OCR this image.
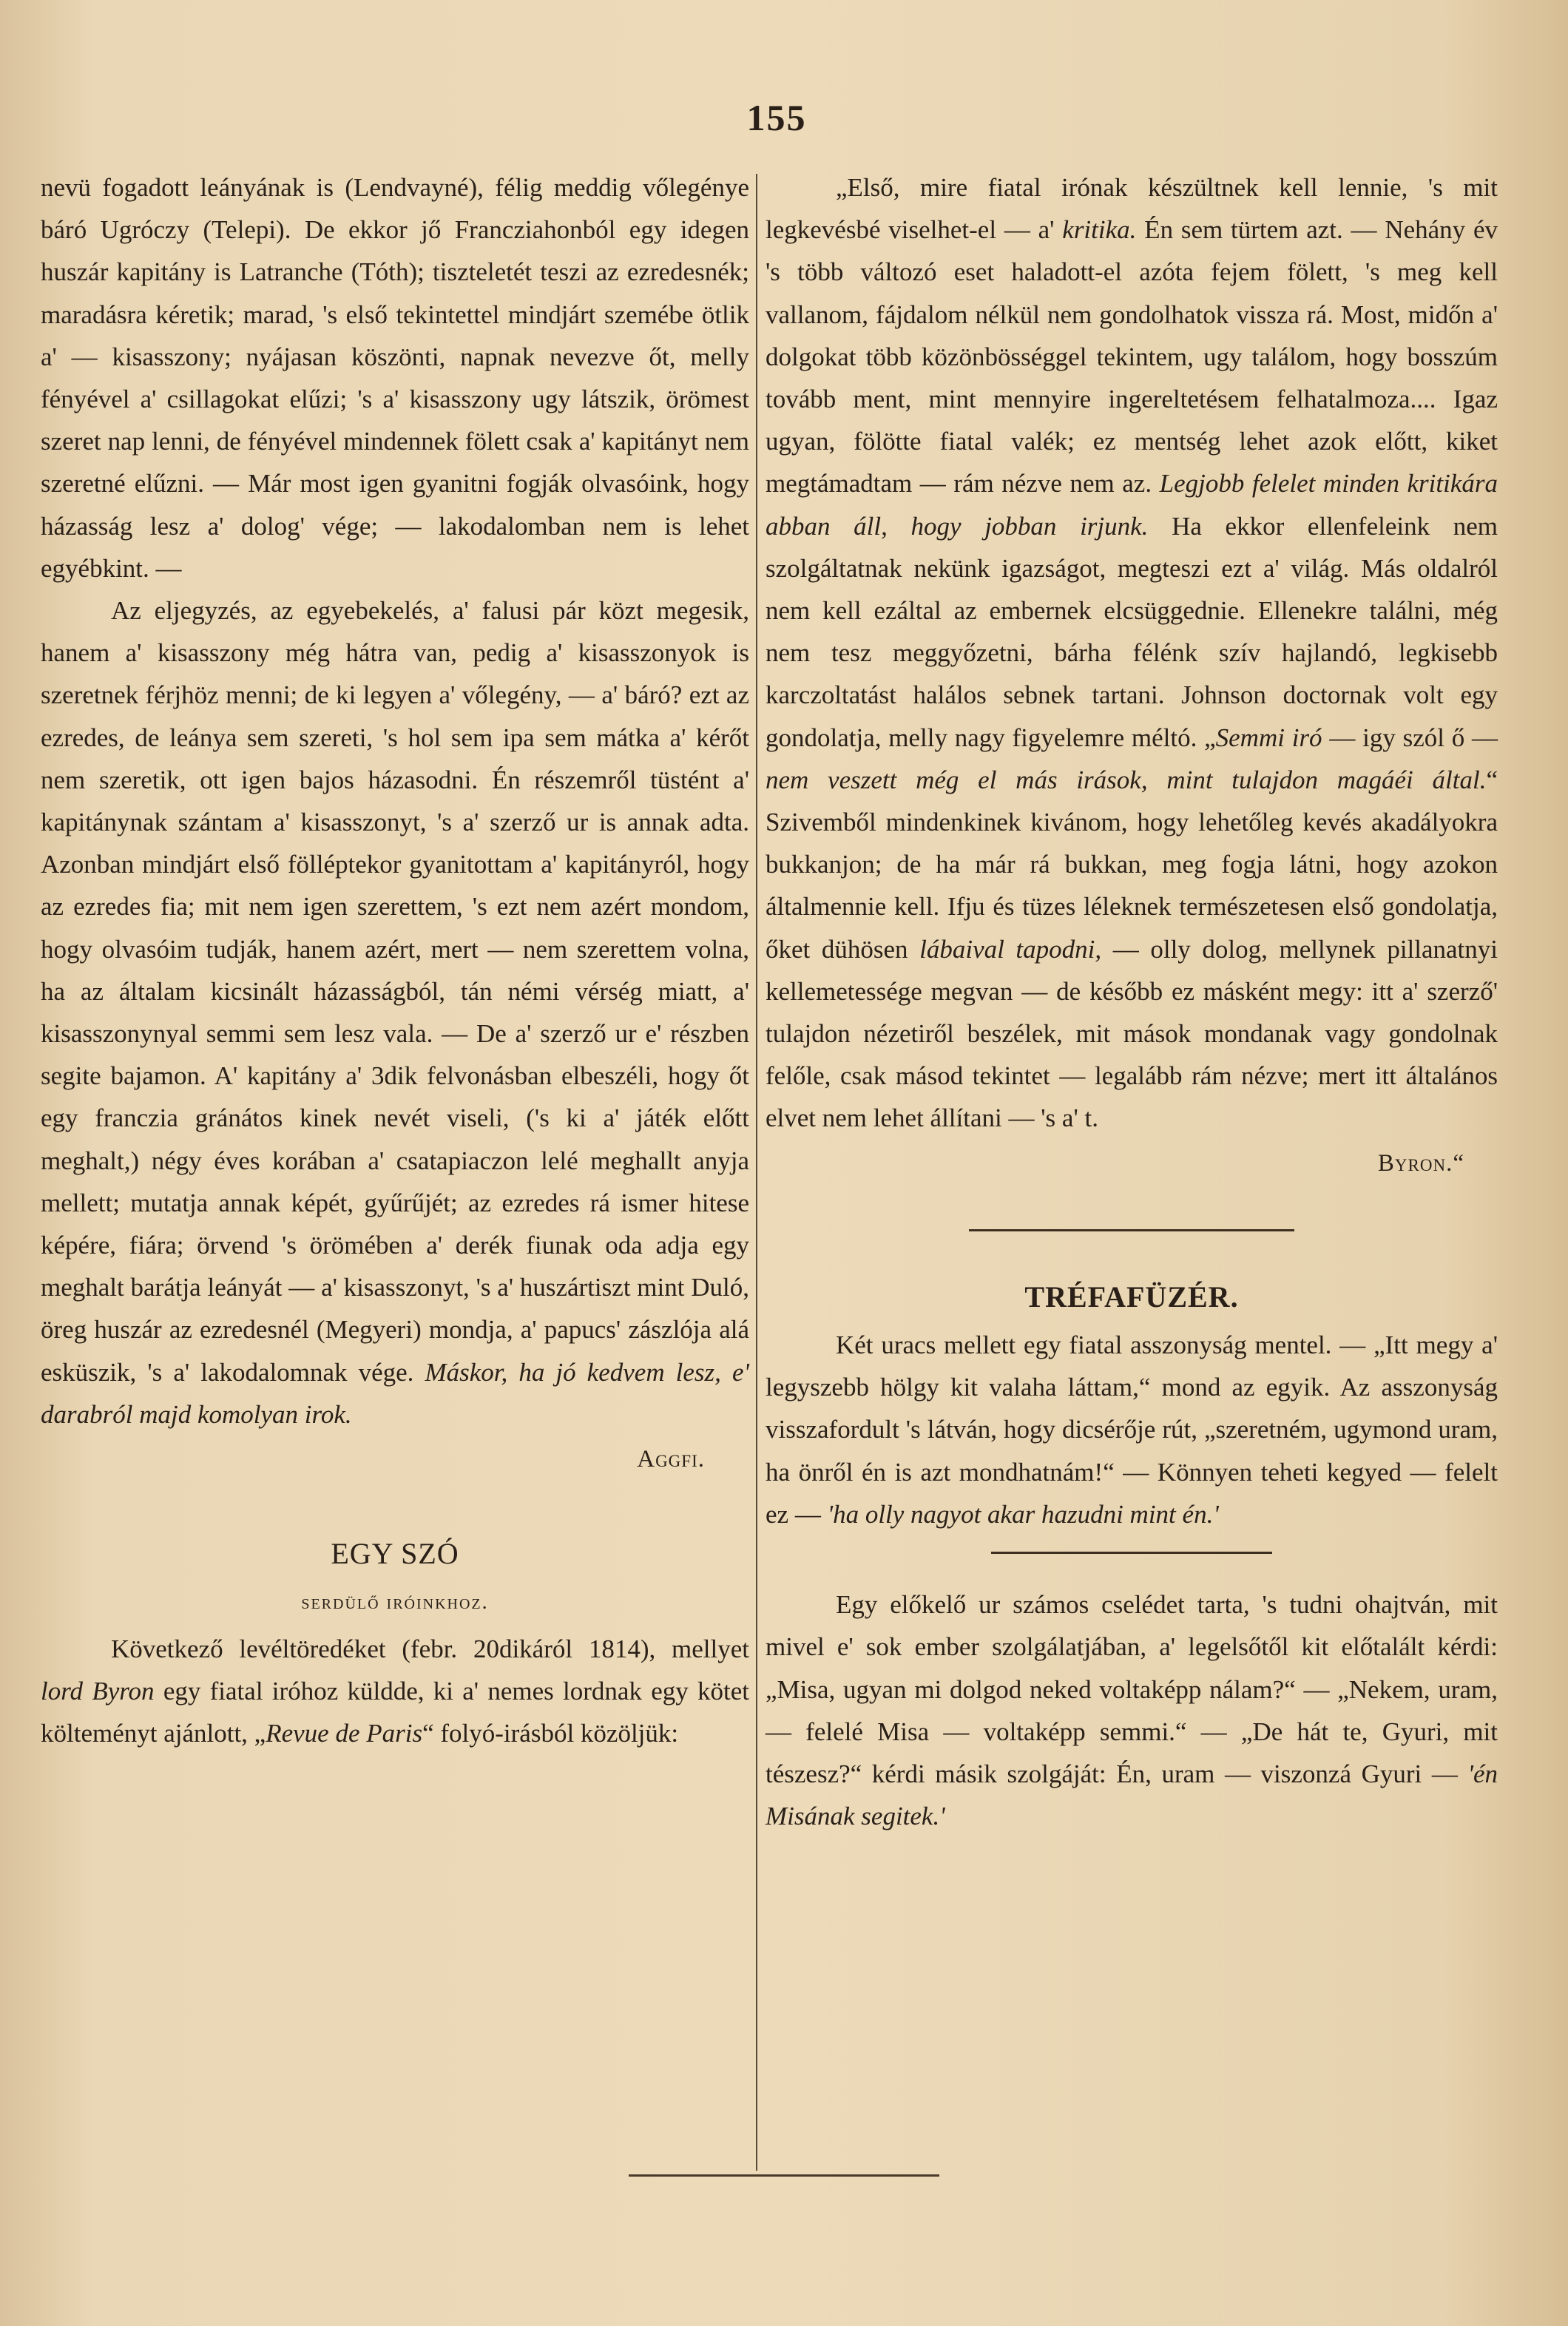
155

nevü fogadott leányának is (Lendvayné), félig meddig vőlegénye báró Ugróczy (Telepi). De ekkor jő Francziahonból egy idegen huszár kapitány is Latranche (Tóth); tiszteletét teszi az ezredesnék; maradásra kéretik; marad, 's első tekintettel mindjárt szemébe ötlik a' — kisasszony; nyájasan köszönti, napnak nevezve őt, melly fényével a' csillagokat elűzi; 's a' kisasszony ugy látszik, örömest szeret nap lenni, de fényével mindennek fölett csak a' kapitányt nem szeretné elűzni. — Már most igen gyanitni fogják olvasóink, hogy házasság lesz a' dolog' vége; — lakodalomban nem is lehet egyébkint. —

Az eljegyzés, az egyebekelés, a' falusi pár közt megesik, hanem a' kisasszony még hátra van, pedig a' kisasszonyok is szeretnek férjhöz menni; de ki legyen a' vőlegény, — a' báró? ezt az ezredes, de leánya sem szereti, 's hol sem ipa sem mátka a' kérőt nem szeretik, ott igen bajos házasodni. Én részemről tüstént a' kapitánynak szántam a' kisasszonyt, 's a' szerző ur is annak adta. Azonban mindjárt első fölléptekor gyanitottam a' kapitányról, hogy az ezredes fia; mit nem igen szerettem, 's ezt nem azért mondom, hogy olvasóim tudják, hanem azért, mert — nem szerettem volna, ha az általam kicsinált házasságból, tán némi vérség miatt, a' kisasszonynyal semmi sem lesz vala. — De a' szerző ur e' részben segite bajamon. A' kapitány a' 3dik felvonásban elbeszéli, hogy őt egy franczia gránátos kinek nevét viseli, ('s ki a' játék előtt meghalt,) négy éves korában a' csatapiaczon lelé meghallt anyja mellett; mutatja annak képét, gyűrűjét; az ezredes rá ismer hitese képére, fiára; örvend 's örömében a' derék fiunak oda adja egy meghalt barátja leányát — a' kisasszonyt, 's a' huszártiszt mint Duló, öreg huszár az ezredesnél (Megyeri) mondja, a' papucs' zászlója alá esküszik, 's a' lakodalomnak vége. Máskor, ha jó kedvem lesz, e' darabról majd komolyan irok.

Aggfi.
EGY SZÓ
serdülő iróinkhoz.

Következő levéltöredéket (febr. 20dikáról 1814), mellyet lord Byron egy fiatal iróhoz küldde, ki a' nemes lordnak egy kötet költeményt ajánlott, „Revue de Paris“ folyó-irásból közöljük:

„Első, mire fiatal irónak készültnek kell lennie, 's mit legkevésbé viselhet-el — a' kritika. Én sem türtem azt. — Nehány év 's több változó eset haladott-el azóta fejem fölett, 's meg kell vallanom, fájdalom nélkül nem gondolhatok vissza rá. Most, midőn a' dolgokat több közönbösséggel tekintem, ugy találom, hogy bosszúm tovább ment, mint mennyire ingereltetésem felhatalmoza.... Igaz ugyan, fölötte fiatal valék; ez mentség lehet azok előtt, kiket megtámadtam — rám nézve nem az. Legjobb felelet minden kritikára abban áll, hogy jobban irjunk. Ha ekkor ellenfeleink nem szolgáltatnak nekünk igazságot, megteszi ezt a' világ. Más oldalról nem kell ezáltal az embernek elcsüggednie. Ellenekre találni, még nem tesz meggyőzetni, bárha félénk szív hajlandó, legkisebb karczoltatást halálos sebnek tartani. Johnson doctornak volt egy gondolatja, melly nagy figyelemre méltó. „Semmi iró — igy szól ő — nem veszett még el más irások, mint tulajdon magáéi által.“ Szivemből mindenkinek kivánom, hogy lehetőleg kevés akadályokra bukkanjon; de ha már rá bukkan, meg fogja látni, hogy azokon általmennie kell. Ifju és tüzes léleknek természetesen első gondolatja, őket dühösen lábaival tapodni, — olly dolog, mellynek pillanatnyi kellemetessége megvan — de később ez másként megy: itt a' szerző' tulajdon nézetiről beszélek, mit mások mondanak vagy gondolnak felőle, csak másod tekintet — legalább rám nézve; mert itt általános elvet nem lehet állítani — 's a' t.

Byron.“
TRÉFAFÜZÉR.

Két uracs mellett egy fiatal asszonyság mentel. — „Itt megy a' legyszebb hölgy kit valaha láttam,“ mond az egyik. Az asszonyság visszafordult 's látván, hogy dicsérője rút, „szeretném, ugymond uram, ha önről én is azt mondhatnám!“ — Könnyen teheti kegyed — felelt ez — 'ha olly nagyot akar hazudni mint én.'

Egy előkelő ur számos cselédet tarta, 's tudni ohajtván, mit mivel e' sok ember szolgálatjában, a' legelsőtől kit előtalált kérdi: „Misa, ugyan mi dolgod neked voltaképp nálam?“ — „Nekem, uram, — felelé Misa — voltaképp semmi.“ — „De hát te, Gyuri, mit tészesz?“ kérdi másik szolgáját: Én, uram — viszonzá Gyuri — 'én Misának segitek.'
